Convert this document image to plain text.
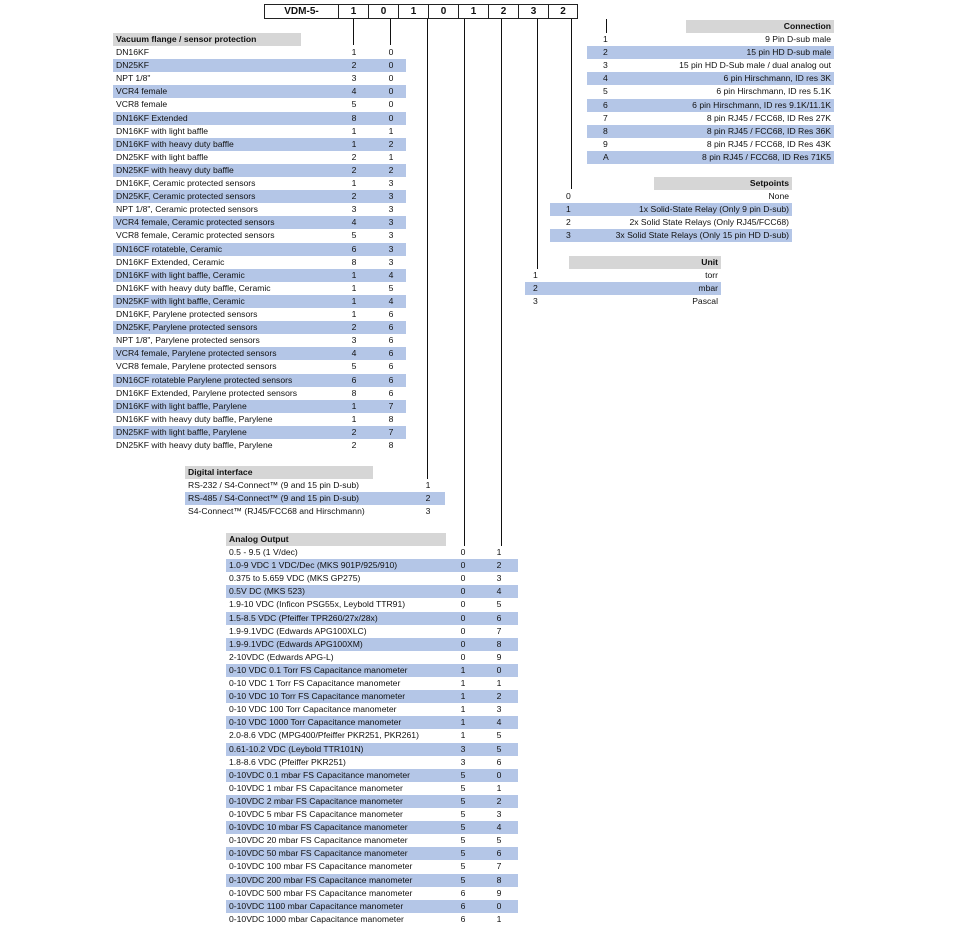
VDM-5-	1	0	1	0	1	2	3	2
Vacuum flange / sensor protection
DN16KF	1	0
DN25KF	2	0
NPT 1/8"	3	0
VCR4 female	4	0
VCR8 female	5	0
DN16KF Extended	8	0
DN16KF with light baffle	1	1
DN16KF with heavy duty baffle	1	2
DN25KF with light baffle	2	1
DN25KF with heavy duty baffle	2	2
DN16KF, Ceramic protected sensors	1	3
DN25KF, Ceramic protected sensors	2	3
NPT 1/8", Ceramic protected sensors	3	3
VCR4 female, Ceramic protected sensors	4	3
VCR8 female, Ceramic protected sensors	5	3
DN16CF rotateble, Ceramic	6	3
DN16KF Extended, Ceramic	8	3
DN16KF with light baffle, Ceramic	1	4
DN16KF with heavy duty baffle, Ceramic	1	5
DN25KF with light baffle, Ceramic	1	4
DN16KF, Parylene protected sensors	1	6
DN25KF, Parylene protected sensors	2	6
NPT 1/8", Parylene protected sensors	3	6
VCR4 female, Parylene protected sensors	4	6
VCR8 female, Parylene protected sensors	5	6
DN16CF rotateble Parylene protected sensors	6	6
DN16KF Extended, Parylene protected sensors	8	6
DN16KF with light baffle, Parylene	1	7
DN16KF with heavy duty baffle, Parylene	1	8
DN25KF with light baffle, Parylene	2	7
DN25KF with heavy duty baffle, Parylene	2	8
Digital interface
RS-232 / S4-Connect™ (9 and 15 pin D-sub)	1
RS-485 / S4-Connect™ (9 and 15 pin D-sub)	2
S4-Connect™ (RJ45/FCC68 and Hirschmann)	3
Analog Output
0.5 - 9.5 (1 V/dec)	0	1
1.0-9 VDC 1 VDC/Dec (MKS 901P/925/910)	0	2
0.375 to 5.659 VDC (MKS GP275)	0	3
0.5V DC (MKS 523)	0	4
1.9-10 VDC (Inficon PSG55x, Leybold TTR91)	0	5
1.5-8.5 VDC (Pfeiffer TPR260/27x/28x)	0	6
1.9-9.1VDC (Edwards APG100XLC)	0	7
1.9-9.1VDC (Edwards APG100XM)	0	8
2-10VDC (Edwards APG-L)	0	9
0-10 VDC 0.1 Torr FS Capacitance manometer	1	0
0-10 VDC 1 Torr FS Capacitance manometer	1	1
0-10 VDC 10 Torr FS Capacitance manometer	1	2
0-10 VDC 100 Torr Capacitance manometer	1	3
0-10 VDC 1000 Torr Capacitance manometer	1	4
2.0-8.6 VDC (MPG400/Pfeiffer PKR251, PKR261)	1	5
0.61-10.2 VDC (Leybold TTR101N)	3	5
1.8-8.6 VDC (Pfeiffer PKR251)	3	6
0-10VDC 0.1 mbar FS Capacitance manometer	5	0
0-10VDC 1 mbar FS Capacitance manometer	5	1
0-10VDC 2 mbar FS Capacitance manometer	5	2
0-10VDC 5 mbar FS Capacitance manometer	5	3
0-10VDC 10 mbar FS Capacitance manometer	5	4
0-10VDC 20 mbar FS Capacitance manometer	5	5
0-10VDC 50 mbar FS Capacitance manometer	5	6
0-10VDC 100 mbar FS Capacitance manometer	5	7
0-10VDC 200 mbar FS Capacitance manometer	5	8
0-10VDC 500 mbar FS Capacitance manometer	6	9
0-10VDC 1100 mbar Capacitance manometer	6	0
0-10VDC 1000 mbar Capacitance manometer	6	1
Unit
1	torr
2	mbar
3	Pascal
Setpoints
0	None
1	1x Solid-State Relay (Only 9 pin D-sub)
2	2x Solid State Relays (Only RJ45/FCC68)
3	3x Solid State Relays (Only 15 pin HD D-sub)
Connection
1	9 Pin D-sub male
2	15 pin HD D-sub male
3	15 pin HD D-Sub male / dual analog out
4	6 pin Hirschmann, ID res 3K
5	6 pin Hirschmann, ID res 5.1K
6	6 pin Hirschmann, ID res 9.1K/11.1K
7	8 pin RJ45 / FCC68, ID Res 27K
8	8 pin RJ45 / FCC68, ID Res 36K
9	8 pin RJ45 / FCC68, ID Res 43K
A	8 pin RJ45 / FCC68, ID Res 71K5
